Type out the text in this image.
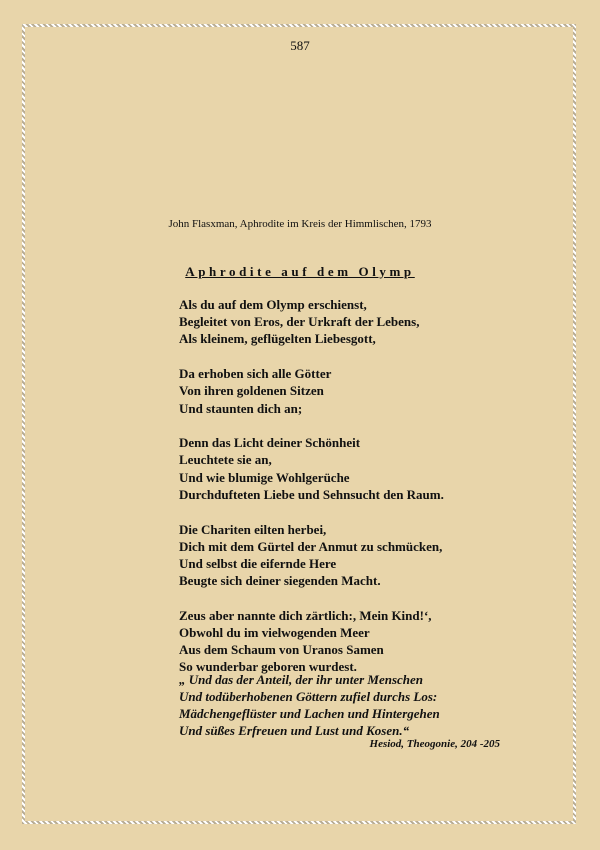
587
John Flasxman, Aphrodite im Kreis der Himmlischen, 1793
Aphrodite auf dem Olymp
Als du auf dem Olymp erschienst,
Begleitet von Eros, der Urkraft der Lebens,
Als kleinem, geflügelten Liebesgott,
Da erhoben sich alle Götter
Von ihren goldenen Sitzen
Und staunten dich an;
Denn das Licht deiner Schönheit
Leuchtete sie an,
Und wie blumige Wohlgerüche
Durchdufteten Liebe und Sehnsucht den Raum.
Die Chariten eilten herbei,
Dich mit dem Gürtel der Anmut zu schmücken,
Und selbst die eifernde Here
Beugte sich deiner siegenden Macht.
Zeus aber nannte dich zärtlich:, Mein Kind!‘,
Obwohl du im vielwogenden Meer
Aus dem Schaum von Uranos Samen
So wunderbar geboren wurdest.
„ Und das der Anteil, der ihr unter Menschen
Und todüberhobenen Göttern zufiel durchs Los:
Mädchengeflüster und Lachen und Hintergehen
Und süßes Erfreuen und Lust und Kosen.“
Hesiod, Theogonie, 204 -205
